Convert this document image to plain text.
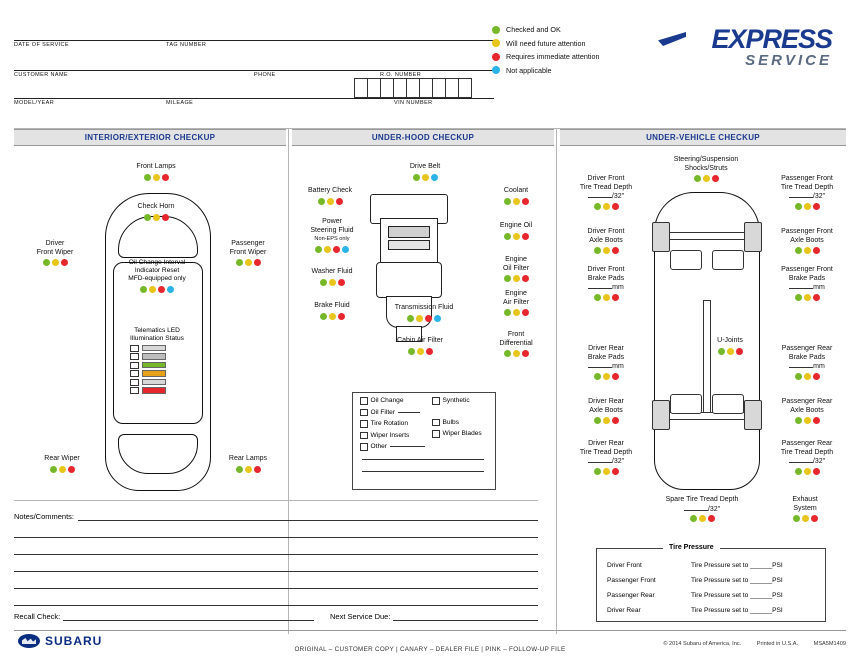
DATE OF SERVICE	TAG NUMBER
CUSTOMER NAME	PHONE	R.O. NUMBER
MODEL/YEAR	MILEAGE	VIN NUMBER
Checked and OK
Will need future attention
Requires immediate attention
Not applicable
EXPRESS
SERVICE
INTERIOR/EXTERIOR CHECKUP	UNDER-HOOD CHECKUP	UNDER-VEHICLE CHECKUP
Front Lamps
Check Horn
Driver
Front Wiper
Passenger
Front Wiper
Oil Change Interval
Indicator Reset
MFD-equipped only
Telematics LED
Illumination Status
Rear Wiper	Rear Lamps
Drive Belt
Battery Check	Coolant
Power
Steering Fluid
Non-EPS only
Engine Oil
Washer Fluid
Engine
Oil Filter
Brake Fluid
Engine
Air Filter
Transmission Fluid
Front
Differential
Cabin Air Filter
Oil Change
Oil Filter
Tire Rotation
Wiper Inserts
Other
Synthetic
Bulbs
Wiper Blades

Steering/Suspension
Shocks/Struts
Driver Front
Tire Tread Depth
/32"
Driver Front
Axle Boots
Driver Front
Brake Pads
mm
Driver Rear
Brake Pads
mm
Driver Rear
Axle Boots
Driver Rear
Tire Tread Depth
/32"
Passenger Front
Tire Tread Depth
/32"
Passenger Front
Axle Boots
Passenger Front
Brake Pads
mm
Passenger Rear
Brake Pads
mm
Passenger Rear
Axle Boots
Passenger Rear
Tire Tread Depth
/32"
U-Joints
Spare Tire Tread Depth
/32"
Exhaust
System
Tire Pressure
Driver Front	Tire Pressure set to ______PSI
Passenger Front	Tire Pressure set to ______PSI
Passenger Rear	Tire Pressure set to ______PSI
Driver Rear	Tire Pressure set to ______PSI
Notes/Comments:
Recall Check:	Next Service Due:
SUBARU
ORIGINAL – CUSTOMER COPY | CANARY – DEALER FILE | PINK – FOLLOW-UP FILE
© 2014 Subaru of America, Inc.	Printed in U.S.A.	MSA5M1409
